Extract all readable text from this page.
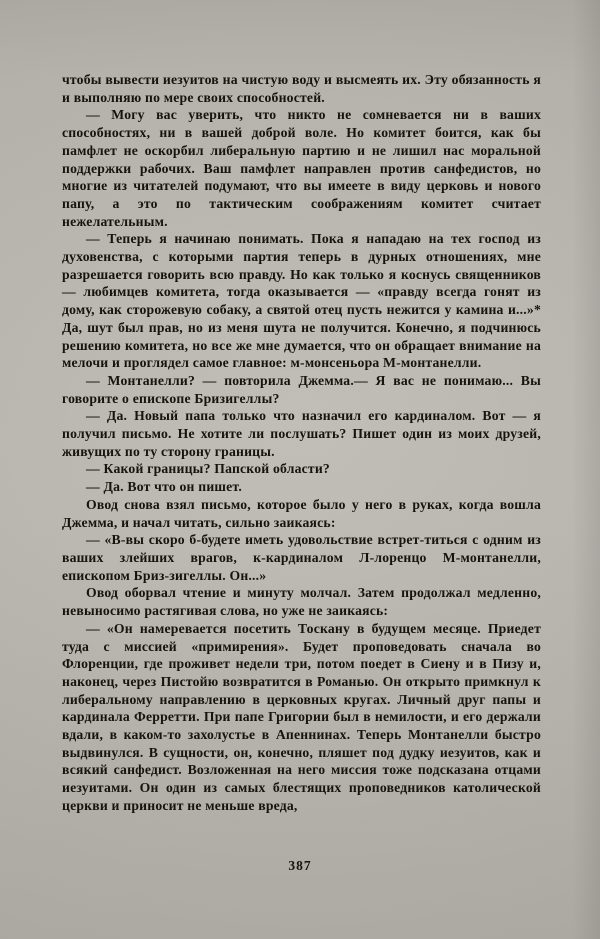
чтобы вывести иезуитов на чистую воду и высмеять их. Эту обязанность я и выполняю по мере своих способностей.

— Могу вас уверить, что никто не сомневается ни в ваших способностях, ни в вашей доброй воле. Но комитет боится, как бы памфлет не оскорбил либеральную партию и не лишил нас моральной поддержки рабочих. Ваш памфлет направлен против санфедистов, но многие из читателей подумают, что вы имеете в виду церковь и нового папу, а это по тактическим соображениям комитет считает нежелательным.

— Теперь я начинаю понимать. Пока я нападаю на тех господ из духовенства, с которыми партия теперь в дурных отношениях, мне разрешается говорить всю правду. Но как только я коснусь священников — любимцев комитета, тогда оказывается — «правду всегда гонят из дому, как сторожевую собаку, а святой отец пусть нежится у камина и...»* Да, шут был прав, но из меня шута не получится. Конечно, я подчинюсь решению комитета, но все же мне думается, что он обращает внимание на мелочи и проглядел самое главное: м-монсеньора М-монтанелли.

— Монтанелли? — повторила Джемма.— Я вас не понимаю... Вы говорите о епископе Бризигеллы?

— Да. Новый папа только что назначил его кардиналом. Вот — я получил письмо. Не хотите ли послушать? Пишет один из моих друзей, живущих по ту сторону границы.

— Какой границы? Папской области?

— Да. Вот что он пишет.

Овод снова взял письмо, которое было у него в руках, когда вошла Джемма, и начал читать, сильно заикаясь:

— «В-вы скоро б-будете иметь удовольствие встрет-титься с одним из ваших злейших врагов, к-кардиналом Л-лоренцо М-монтанелли, епископом Бриз-зигеллы. Он...»

Овод оборвал чтение и минуту молчал. Затем продолжал медленно, невыносимо растягивая слова, но уже не заикаясь:

— «Он намеревается посетить Тоскану в будущем месяце. Приедет туда с миссией «примирения». Будет проповедовать сначала во Флоренции, где проживет недели три, потом поедет в Сиену и в Пизу и, наконец, через Пистойю возвратится в Романью. Он открыто примкнул к либеральному направлению в церковных кругах. Личный друг папы и кардинала Ферретти. При папе Григории был в немилости, и его держали вдали, в каком-то захолустье в Апеннинах. Теперь Монтанелли быстро выдвинулся. В сущности, он, конечно, пляшет под дудку иезуитов, как и всякий санфедист. Возложенная на него миссия тоже подсказана отцами иезуитами. Он один из самых блестящих проповедников католической церкви и приносит не меньше вреда,

387
